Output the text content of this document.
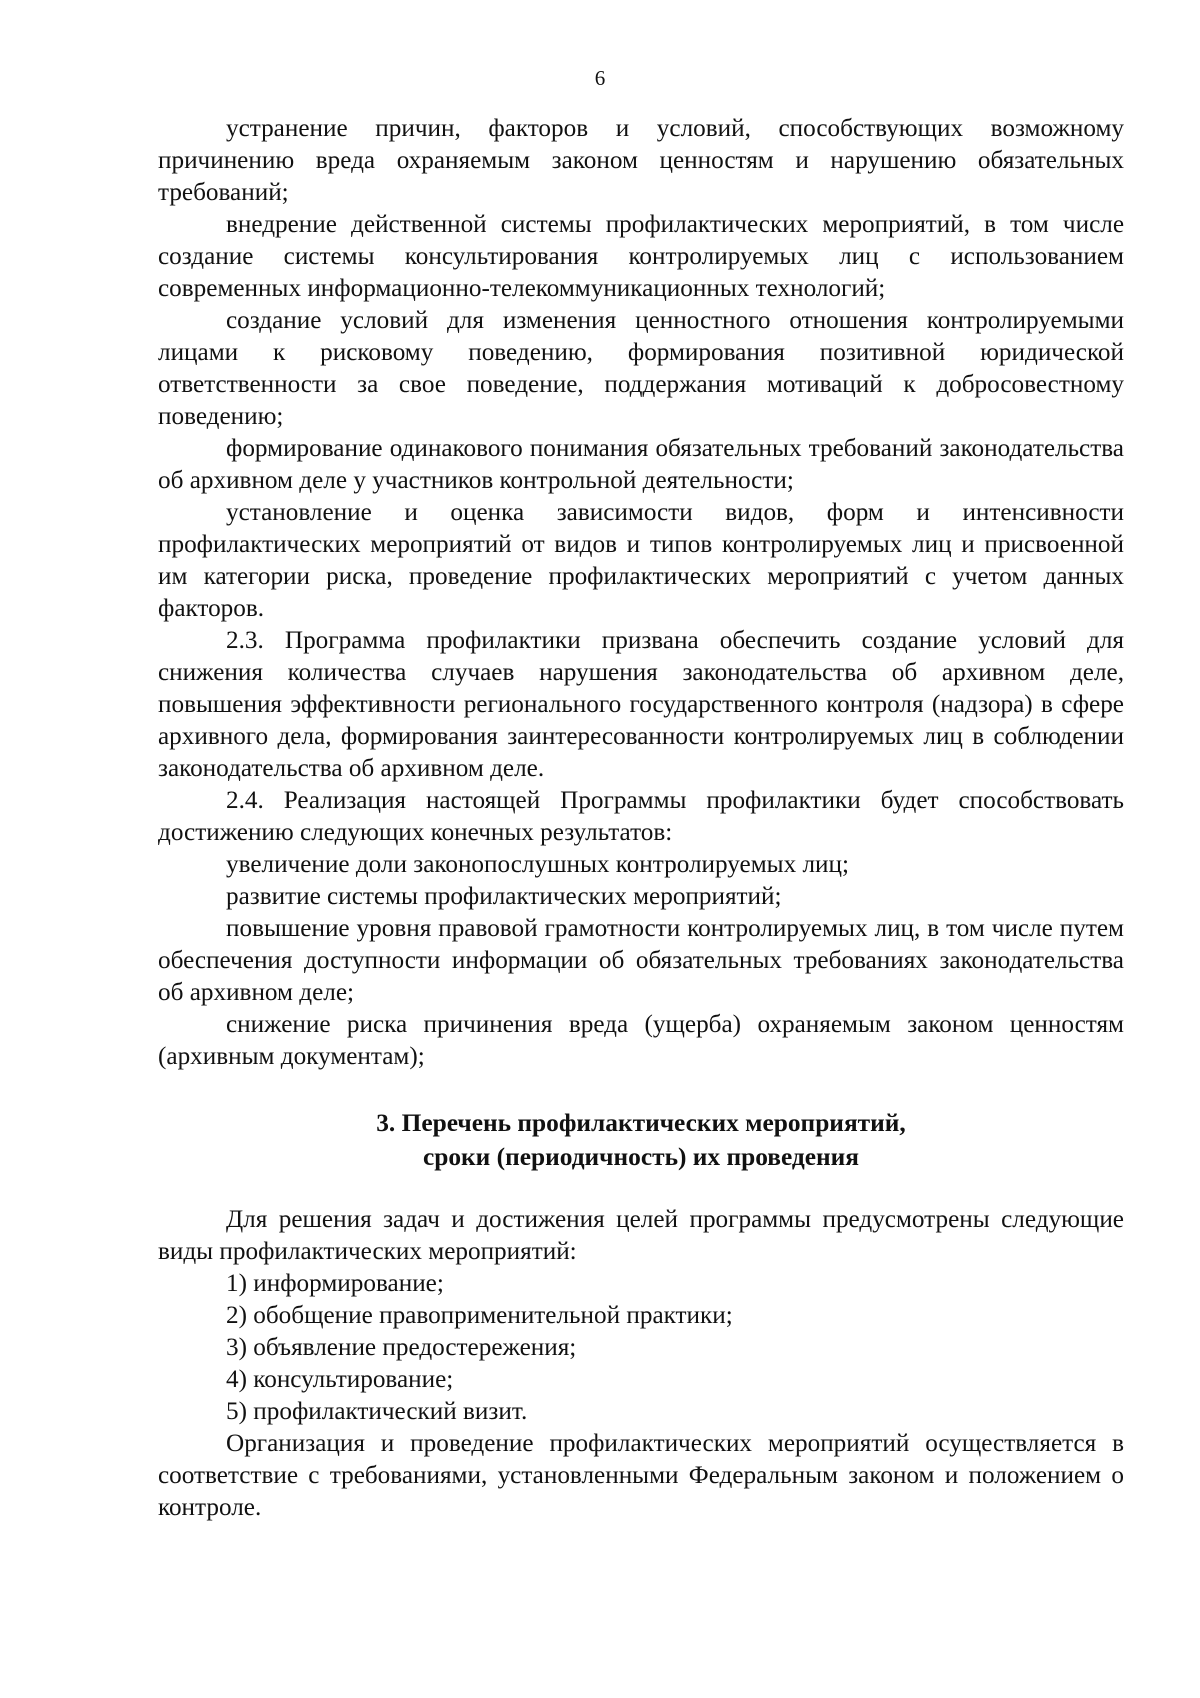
6

устранение причин, факторов и условий, способствующих возможному причинению вреда охраняемым законом ценностям и нарушению обязательных требований;

внедрение действенной системы профилактических мероприятий, в том числе создание системы консультирования контролируемых лиц с использованием современных информационно-телекоммуникационных технологий;

создание условий для изменения ценностного отношения контролируемыми лицами к рисковому поведению, формирования позитивной юридической ответственности за свое поведение, поддержания мотиваций к добросовестному поведению;

формирование одинакового понимания обязательных требований законодательства об архивном деле у участников контрольной деятельности;

установление и оценка зависимости видов, форм и интенсивности профилактических мероприятий от видов и типов контролируемых лиц и присвоенной им категории риска, проведение профилактических мероприятий с учетом данных факторов.

2.3. Программа профилактики призвана обеспечить создание условий для снижения количества случаев нарушения законодательства об архивном деле, повышения эффективности регионального государственного контроля (надзора) в сфере архивного дела, формирования заинтересованности контролируемых лиц в соблюдении законодательства об архивном деле.

2.4. Реализация настоящей Программы профилактики будет способствовать достижению следующих конечных результатов:

увеличение доли законопослушных контролируемых лиц;

развитие системы профилактических мероприятий;

повышение уровня правовой грамотности контролируемых лиц, в том числе путем обеспечения доступности информации об обязательных требованиях законодательства об архивном деле;

снижение риска причинения вреда (ущерба) охраняемым законом ценностям (архивным документам);

3. Перечень профилактических мероприятий,
сроки (периодичность) их проведения

Для решения задач и достижения целей программы предусмотрены следующие виды профилактических мероприятий:

1) информирование;

2) обобщение правоприменительной практики;

3) объявление предостережения;

4) консультирование;

5) профилактический визит.

Организация и проведение профилактических мероприятий осуществляется в соответствие с требованиями, установленными Федеральным законом и положением о контроле.
